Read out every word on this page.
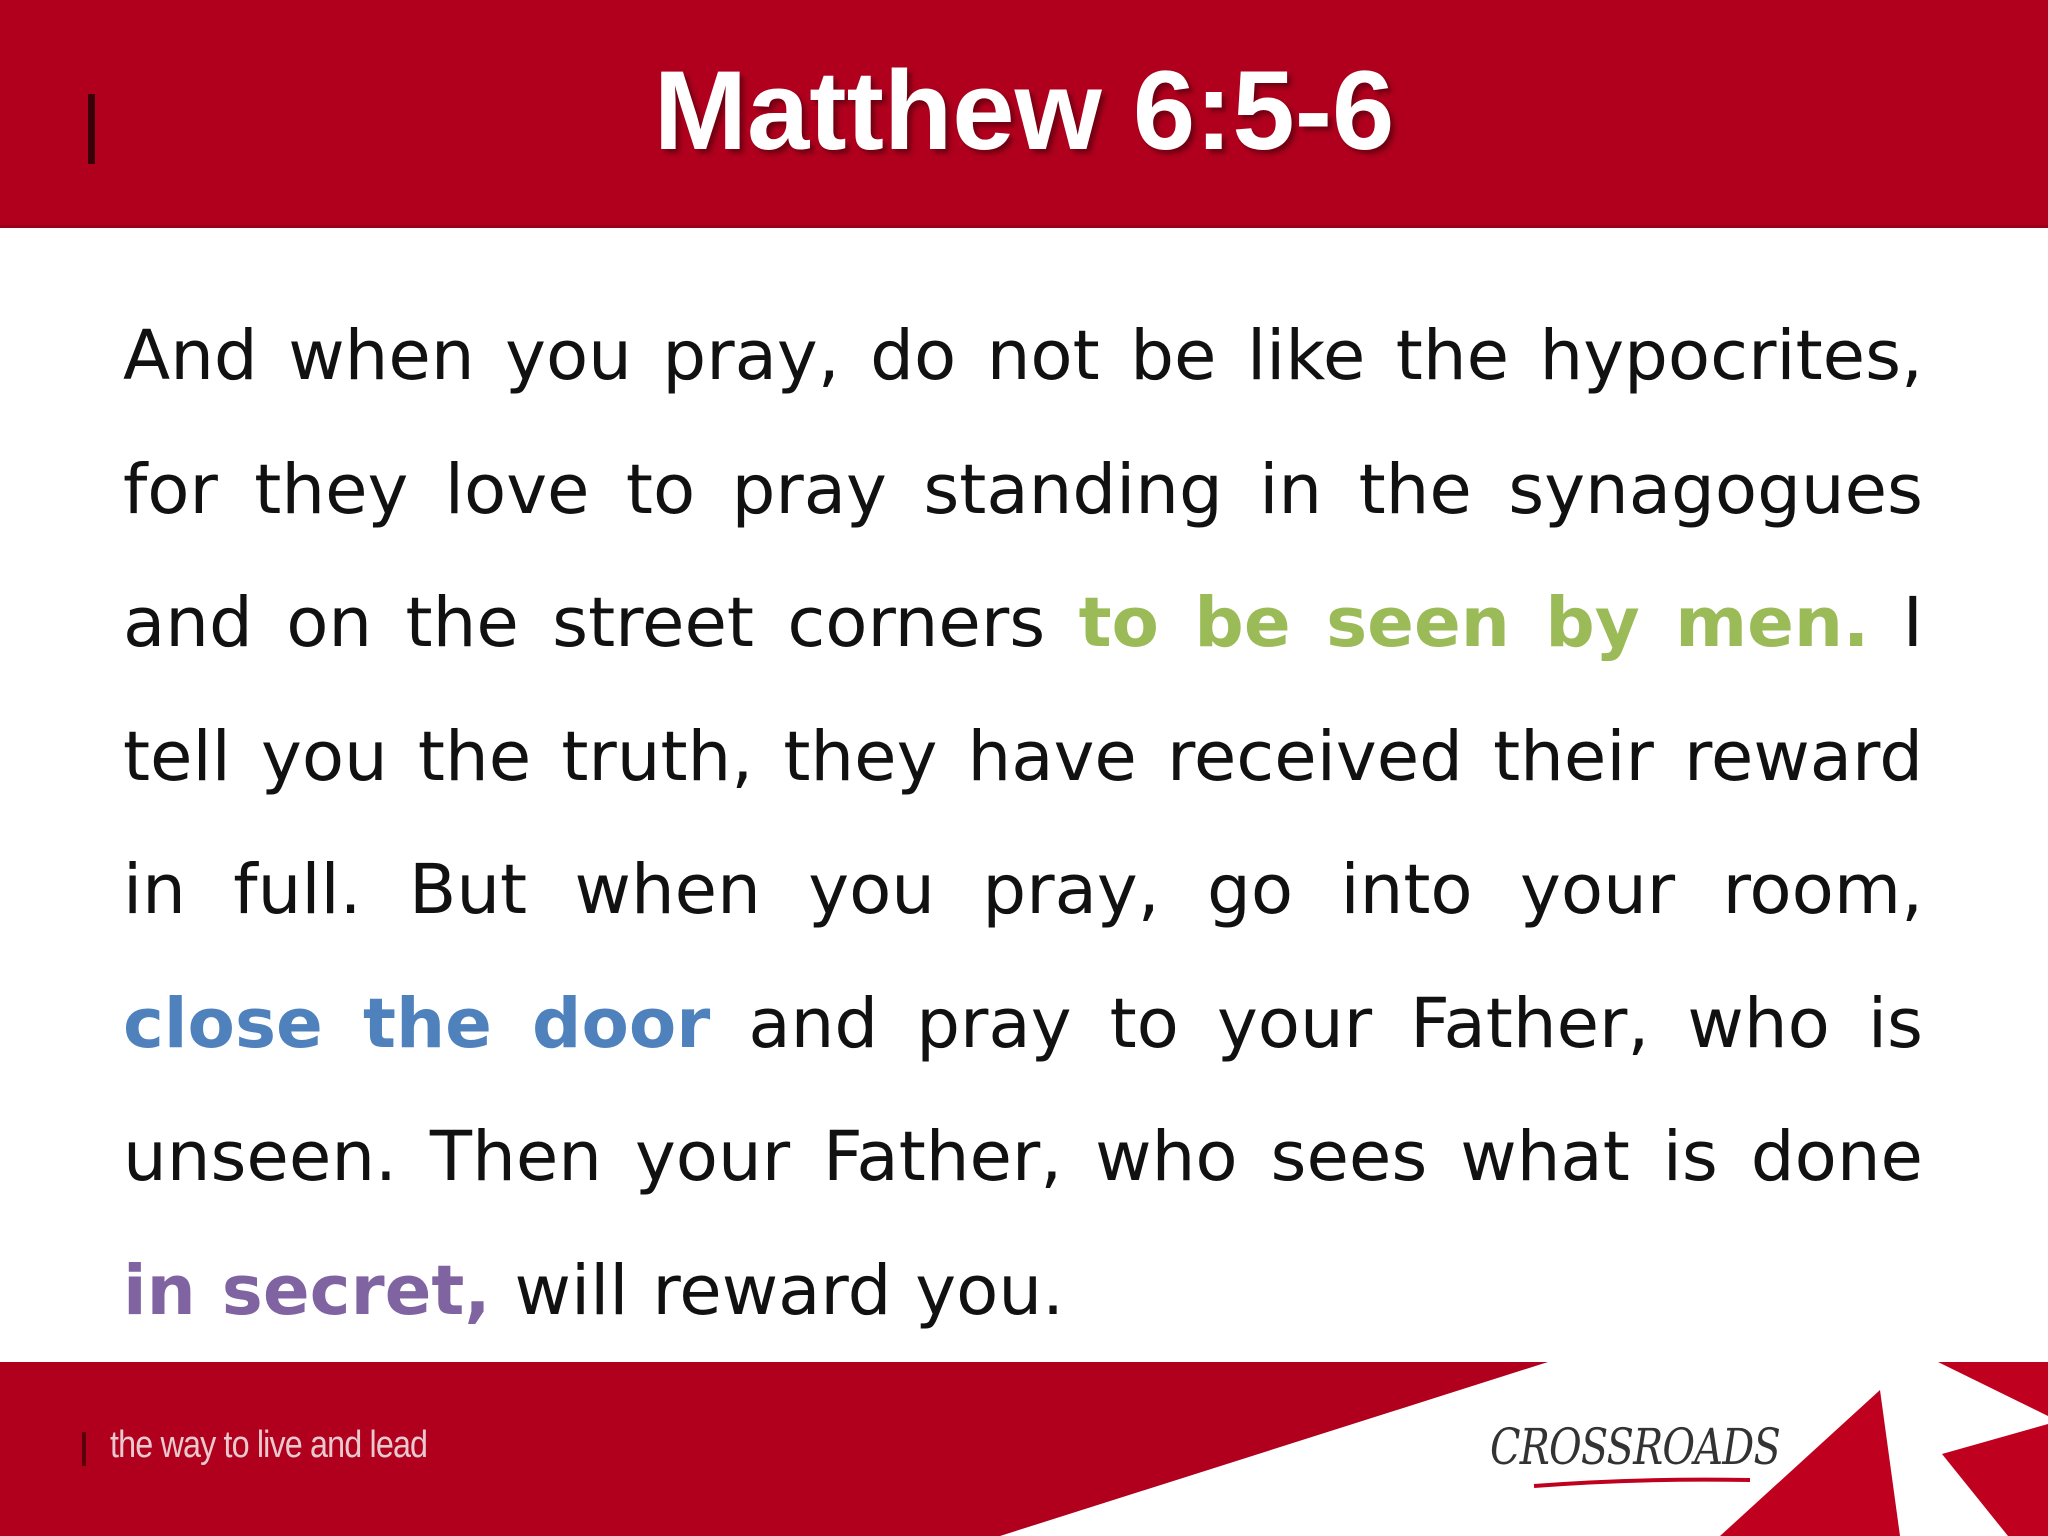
Matthew 6:5-6
And when you pray, do not be like the hypocrites, for they love to pray standing in the synagogues and on the street corners to be seen by men. I tell you the truth, they have received their reward in full. But when you pray, go into your room, close the door and pray to your Father, who is unseen. Then your Father, who sees what is done in secret, will reward you.
the way to live and lead	CROSSROADS
